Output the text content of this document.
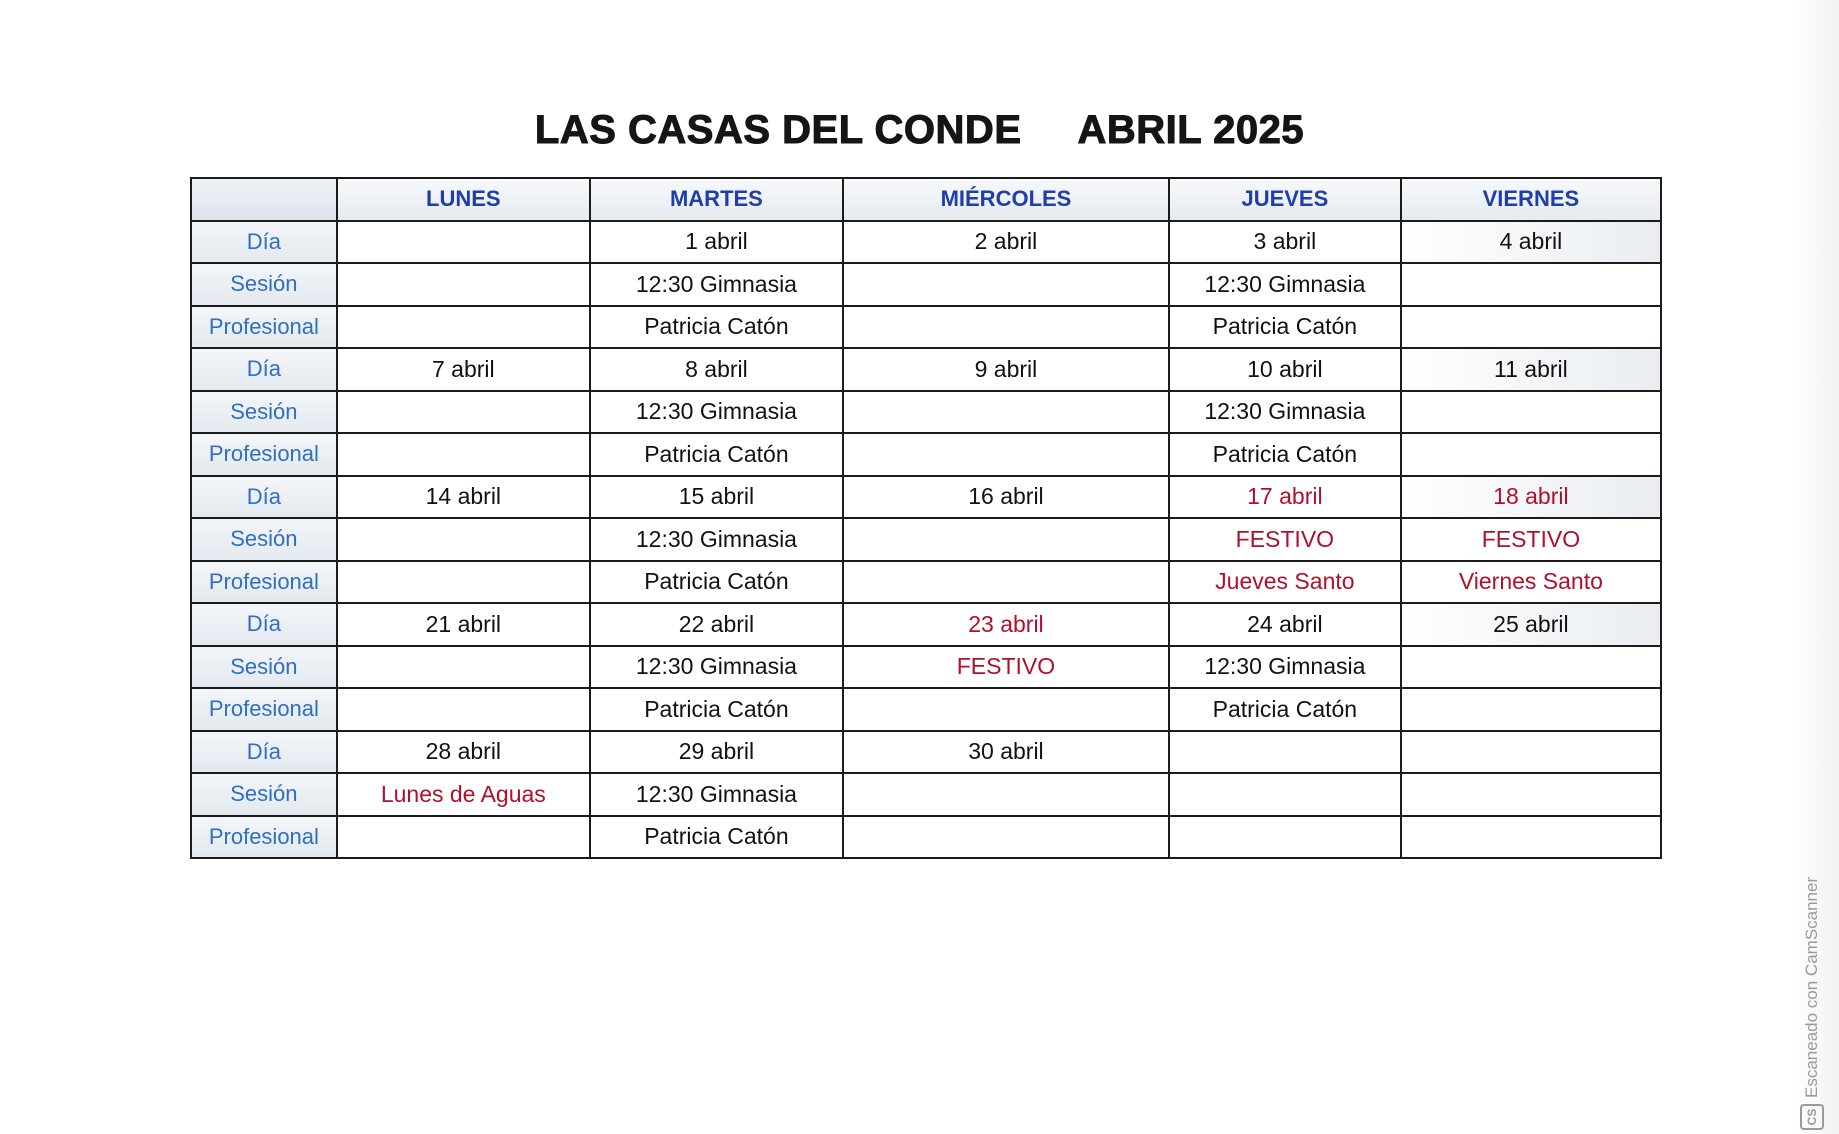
LAS CASAS DEL CONDE ABRIL 2025
	LUNES	MARTES	MIÉRCOLES	JUEVES	VIERNES
Día		1 abril	2 abril	3 abril	4 abril
Sesión		12:30 Gimnasia		12:30 Gimnasia	
Profesional		Patricia Catón		Patricia Catón	
Día	7 abril	8 abril	9 abril	10 abril	11 abril
Sesión		12:30 Gimnasia		12:30 Gimnasia	
Profesional		Patricia Catón		Patricia Catón	
Día	14 abril	15 abril	16 abril	17 abril	18 abril
Sesión		12:30 Gimnasia		FESTIVO	FESTIVO
Profesional		Patricia Catón		Jueves Santo	Viernes Santo
Día	21 abril	22 abril	23 abril	24 abril	25 abril
Sesión		12:30 Gimnasia	FESTIVO	12:30 Gimnasia	
Profesional		Patricia Catón		Patricia Catón	
Día	28 abril	29 abril	30 abril		
Sesión	Lunes de Aguas	12:30 Gimnasia			
Profesional		Patricia Catón			
CS
Escaneado con CamScanner
